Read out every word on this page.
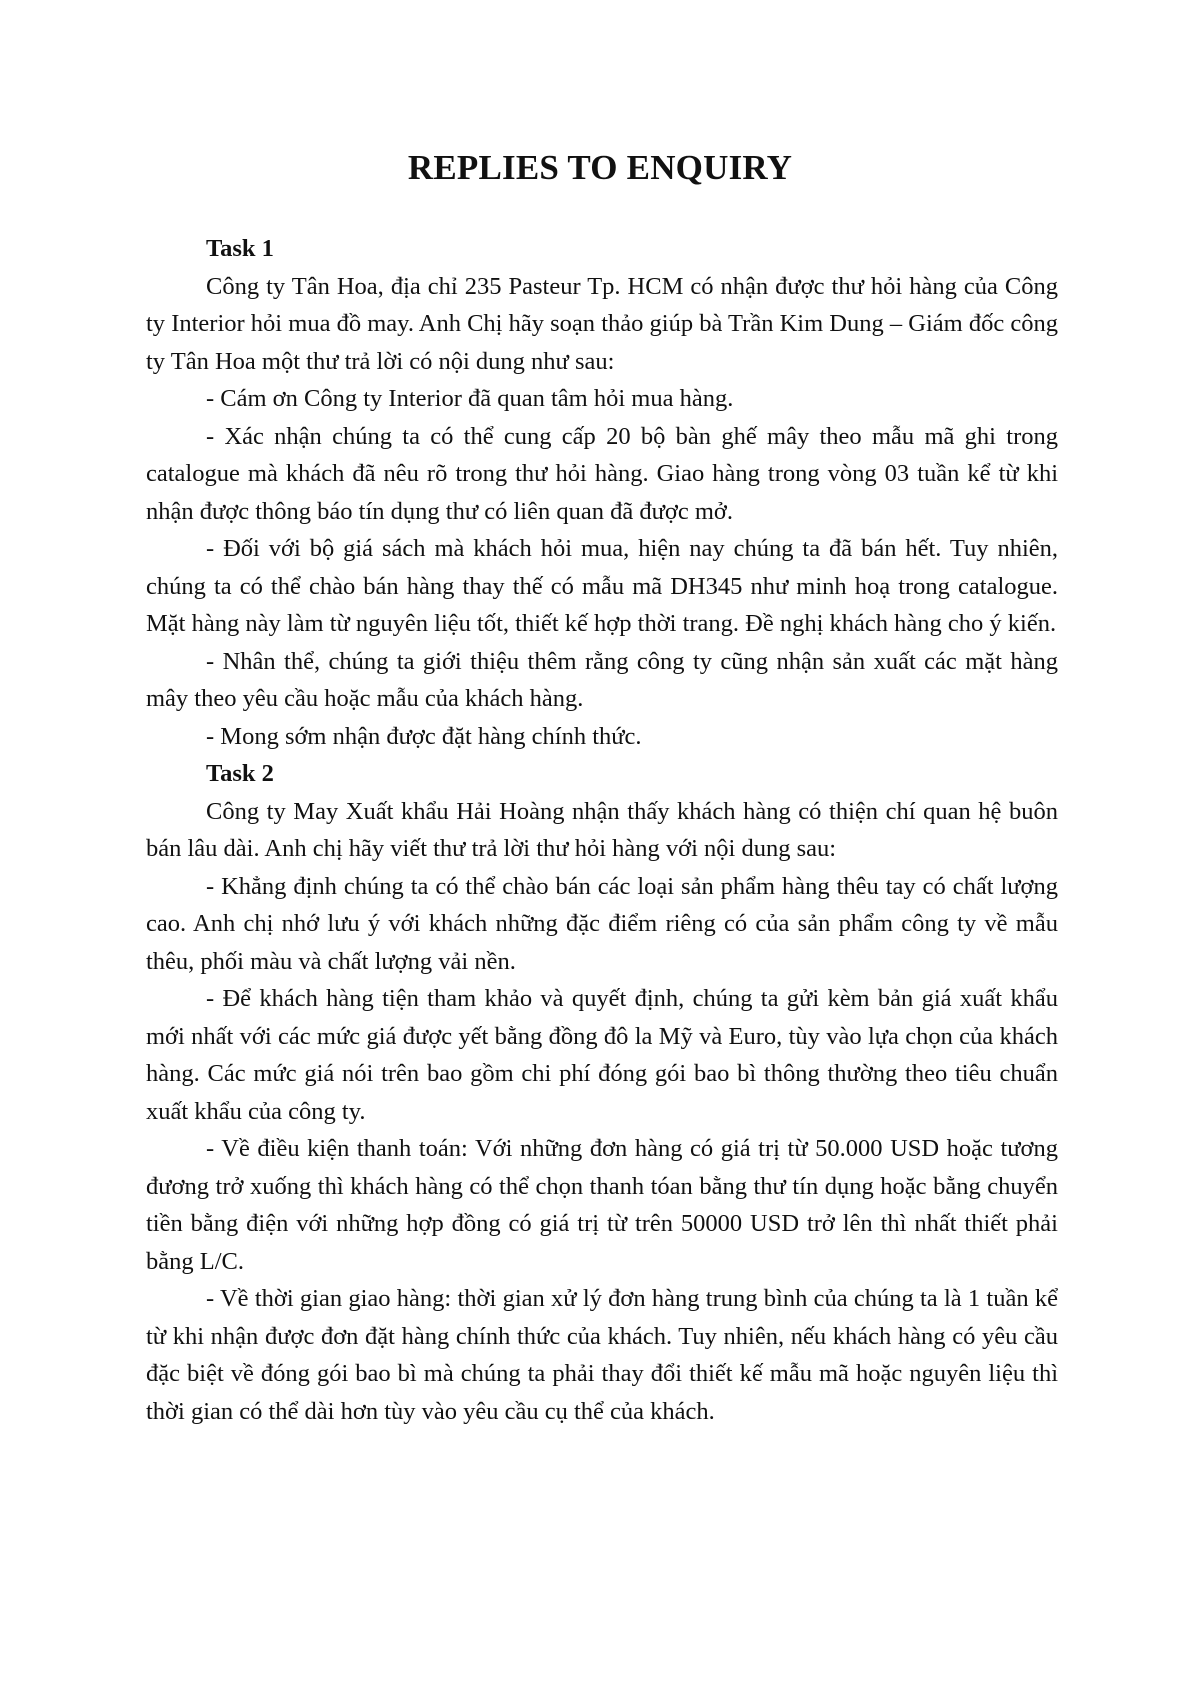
REPLIES TO ENQUIRY

Task 1

Công ty Tân Hoa, địa chỉ 235 Pasteur Tp. HCM có nhận được thư hỏi hàng của Công ty Interior hỏi mua đồ may. Anh Chị hãy soạn thảo giúp bà Trần Kim Dung – Giám đốc công ty Tân Hoa một thư trả lời có nội dung như sau:

- Cám ơn Công ty Interior đã quan tâm hỏi mua hàng.

- Xác nhận chúng ta có thể cung cấp 20 bộ bàn ghế mây theo mẫu mã ghi trong catalogue mà khách đã nêu rõ trong thư hỏi hàng. Giao hàng trong vòng 03 tuần kể từ khi nhận được thông báo tín dụng thư có liên quan đã được mở.

- Đối với bộ giá sách mà khách hỏi mua, hiện nay chúng ta đã bán hết. Tuy nhiên, chúng ta có thể chào bán hàng thay thế có mẫu mã DH345 như minh hoạ trong catalogue. Mặt hàng này làm từ nguyên liệu tốt, thiết kế hợp thời trang. Đề nghị khách hàng cho ý kiến.

- Nhân thể, chúng ta giới thiệu thêm rằng công ty cũng nhận sản xuất các mặt hàng mây theo yêu cầu hoặc mẫu của khách hàng.

- Mong sớm nhận được đặt hàng chính thức.

Task 2

Công ty May Xuất khẩu Hải Hoàng nhận thấy khách hàng có thiện chí quan hệ buôn bán lâu dài. Anh chị hãy viết thư trả lời thư hỏi hàng với nội dung sau:

- Khẳng định chúng ta có thể chào bán các loại sản phẩm hàng thêu tay có chất lượng cao. Anh chị nhớ lưu ý với khách những đặc điểm riêng có của sản phẩm công ty về mẫu thêu, phối màu và chất lượng vải nền.

- Để khách hàng tiện tham khảo và quyết định, chúng ta gửi kèm bản giá xuất khẩu mới nhất với các mức giá được yết bằng đồng đô la Mỹ và Euro, tùy vào lựa chọn của khách hàng. Các mức giá nói trên bao gồm chi phí đóng gói bao bì thông thường theo tiêu chuẩn xuất khẩu của công ty.

- Về điều kiện thanh toán: Với những đơn hàng có giá trị từ 50.000 USD hoặc tương đương trở xuống thì khách hàng có thể chọn thanh tóan bằng thư tín dụng hoặc bằng chuyển tiền bằng điện với những hợp đồng có giá trị từ trên 50000 USD trở lên thì nhất thiết phải bằng L/C.

- Về thời gian giao hàng: thời gian xử lý đơn hàng trung bình của chúng ta là 1 tuần kể từ khi nhận được đơn đặt hàng chính thức của khách. Tuy nhiên, nếu khách hàng có yêu cầu đặc biệt về đóng gói bao bì mà chúng ta phải thay đổi thiết kế mẫu mã hoặc nguyên liệu thì thời gian có thể dài hơn tùy vào yêu cầu cụ thể của khách.
